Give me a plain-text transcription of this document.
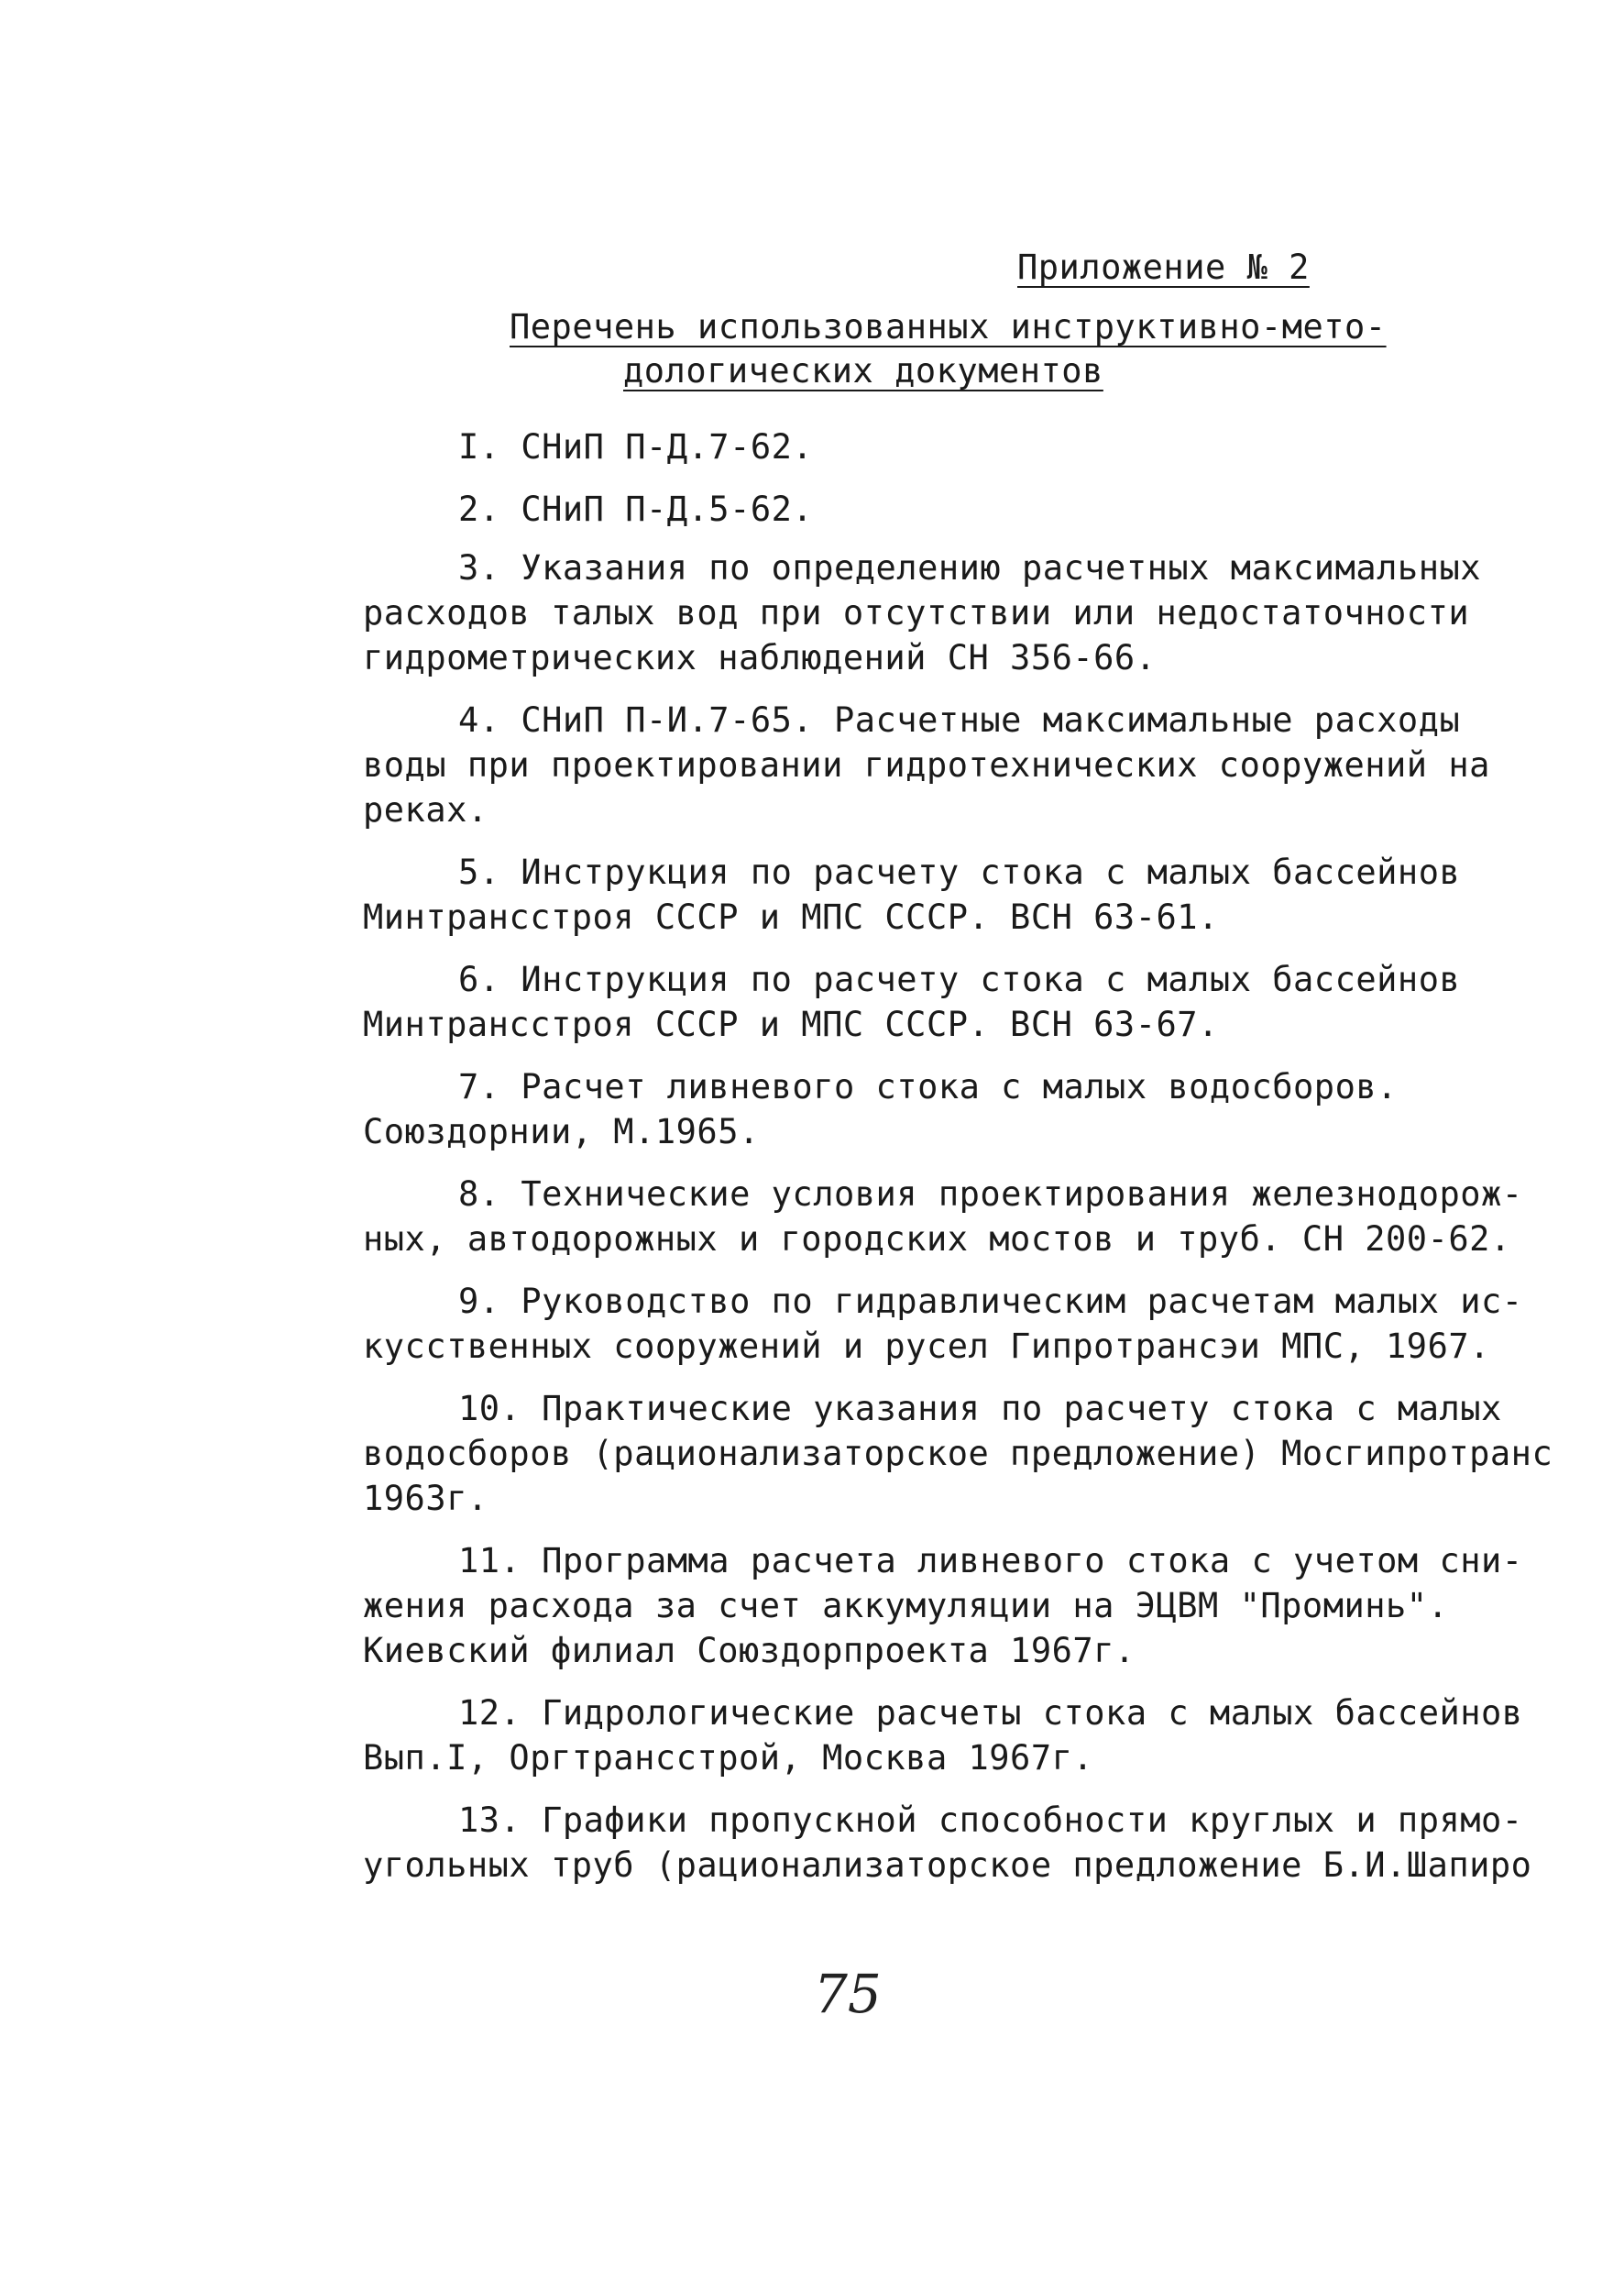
Приложение № 2
Перечень использованных инструктивно-мето-
дологических документов
I. СНиП П-Д.7-62.
2. СНиП П-Д.5-62.
3. Указания по определению расчетных максимальных
расходов талых вод при отсутствии или недостаточности
гидрометрических наблюдений СН 356-66.
4. СНиП П-И.7-65. Расчетные максимальные расходы
воды при проектировании гидротехнических сооружений на
реках.
5. Инструкция по расчету стока с малых бассейнов
Минтрансстроя СССР и МПС СССР. ВСН 63-61.
6. Инструкция по расчету стока с малых бассейнов
Минтрансстроя СССР и МПС СССР. ВСН 63-67.
7. Расчет ливневого стока с малых водосборов.
Союздорнии, М.1965.
8. Технические условия проектирования железнодорож-
ных, автодорожных и городских мостов и труб. СН 200-62.
9. Руководство по гидравлическим расчетам малых ис-
кусственных сооружений и русел Гипротрансэи МПС, 1967.
10. Практические указания по расчету стока с малых
водосборов (рационализаторское предложение) Мосгипротранс
1963г.
11. Программа расчета ливневого стока с учетом сни-
жения расхода за счет аккумуляции на ЭЦВМ "Проминь".
Киевский филиал Союздорпроекта 1967г.
12. Гидрологические расчеты стока с малых бассейнов
Вып.I, Оргтрансстрой, Москва 1967г.
13. Графики пропускной способности круглых и прямо-
угольных труб (рационализаторское предложение Б.И.Шапиро
75
